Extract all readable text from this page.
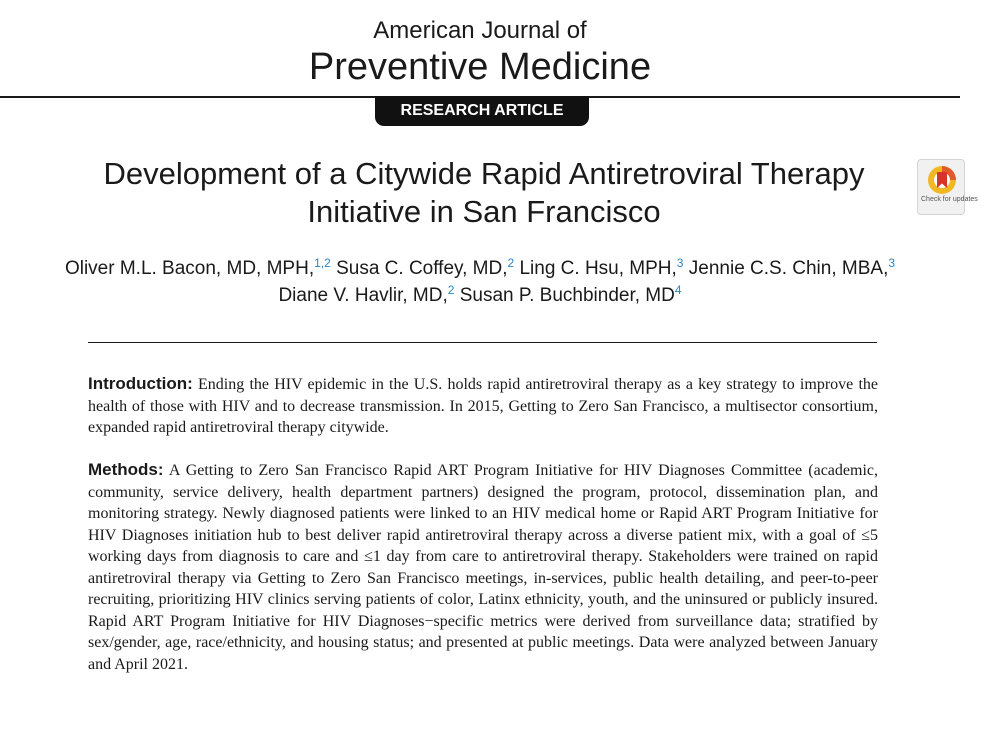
American Journal of
Preventive Medicine
RESEARCH ARTICLE
Development of a Citywide Rapid Antiretroviral Therapy Initiative in San Francisco	Check for updates
Oliver M.L. Bacon, MD, MPH,$^{1,2}$ Susa C. Coffey, MD,$^2$ Ling C. Hsu, MPH,$^3$ Jennie C.S. Chin, MBA,$^3$
Diane V. Havlir, MD,$^2$ Susan P. Buchbinder, $MD^4$
Introduction: Ending the HIV epidemic in the U.S. holds rapid antiretroviral therapy as a key strategy to improve the health of those with HIV and to decrease transmission. In 2015, Getting to Zero San Francisco, a multisector consortium, expanded rapid antiretroviral therapy citywide.
Methods: A Getting to Zero San Francisco Rapid ART Program Initiative for HIV Diagnoses Committee (academic, community, service delivery, health department partners) designed the program, protocol, dissemination plan, and monitoring strategy. Newly diagnosed patients were linked to an HIV medical home or Rapid ART Program Initiative for HIV Diagnoses initiation hub to best deliver rapid antiretroviral therapy across a diverse patient mix, with a goal of ≤5 working days from diagnosis to care and ≤1 day from care to antiretroviral therapy. Stakeholders were trained on rapid antiretroviral therapy via Getting to Zero San Francisco meetings, in-services, public health detailing, and peer-to-peer recruiting, prioritizing HIV clinics serving patients of color, Latinx ethnicity, youth, and the uninsured or publicly insured. Rapid ART Program Initiative for HIV Diagnoses−specific metrics were derived from surveillance data; stratified by sex/gender, age, race/ethnicity, and housing status; and presented at public meetings. Data were analyzed between January and April 2021.
